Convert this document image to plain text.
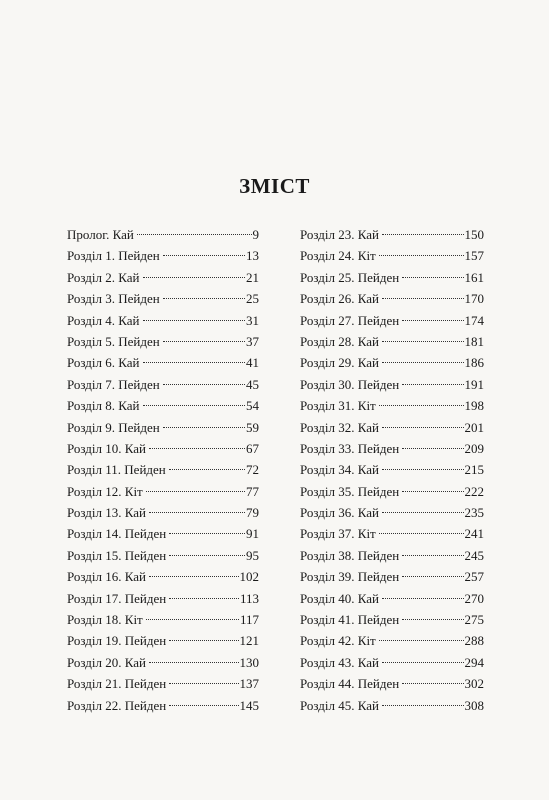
ЗМІСТ
Пролог. Кай	9
Розділ 1. Пейден	13
Розділ 2. Кай	21
Розділ 3. Пейден	25
Розділ 4. Кай	31
Розділ 5. Пейден	37
Розділ 6. Кай	41
Розділ 7. Пейден	45
Розділ 8. Кай	54
Розділ 9. Пейден	59
Розділ 10. Кай	67
Розділ 11. Пейден	72
Розділ 12. Кіт	77
Розділ 13. Кай	79
Розділ 14. Пейден	91
Розділ 15. Пейден	95
Розділ 16. Кай	102
Розділ 17. Пейден	113
Розділ 18. Кіт	117
Розділ 19. Пейден	121
Розділ 20. Кай	130
Розділ 21. Пейден	137
Розділ 22. Пейден	145
Розділ 23. Кай	150
Розділ 24. Кіт	157
Розділ 25. Пейден	161
Розділ 26. Кай	170
Розділ 27. Пейден	174
Розділ 28. Кай	181
Розділ 29. Кай	186
Розділ 30. Пейден	191
Розділ 31. Кіт	198
Розділ 32. Кай	201
Розділ 33. Пейден	209
Розділ 34. Кай	215
Розділ 35. Пейден	222
Розділ 36. Кай	235
Розділ 37. Кіт	241
Розділ 38. Пейден	245
Розділ 39. Пейден	257
Розділ 40. Кай	270
Розділ 41. Пейден	275
Розділ 42. Кіт	288
Розділ 43. Кай	294
Розділ 44. Пейден	302
Розділ 45. Кай	308
